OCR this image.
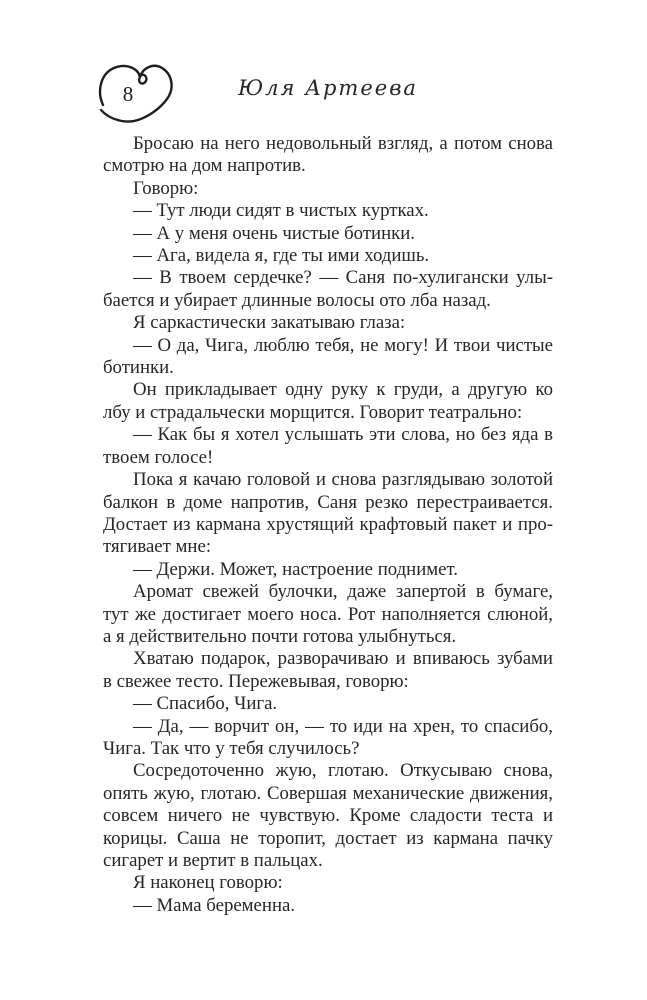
8	Юля Артеева

Бросаю на него недовольный взгляд, а потом снова смотрю на дом напротив.

Говорю:

— Тут люди сидят в чистых куртках.

— А у меня очень чистые ботинки.

— Ага, видела я, где ты ими ходишь.

— В твоем сердечке? — Саня по-хулигански улыбается и убирает длинные волосы ото лба назад.

Я саркастически закатываю глаза:

— О да, Чига, люблю тебя, не могу! И твои чистые ботинки.

Он прикладывает одну руку к груди, а другую ко лбу и страдальчески морщится. Говорит театрально:

— Как бы я хотел услышать эти слова, но без яда в твоем голосе!

Пока я качаю головой и снова разглядываю золотой балкон в доме напротив, Саня резко перестраивается. Достает из кармана хрустящий крафтовый пакет и протягивает мне:

— Держи. Может, настроение поднимет.

Аромат свежей булочки, даже запертой в бумаге, тут же достигает моего носа. Рот наполняется слюной, а я действительно почти готова улыбнуться.

Хватаю подарок, разворачиваю и впиваюсь зубами в свежее тесто. Пережевывая, говорю:

— Спасибо, Чига.

— Да, — ворчит он, — то иди на хрен, то спасибо, Чига. Так что у тебя случилось?

Сосредоточенно жую, глотаю. Откусываю снова, опять жую, глотаю. Совершая механические движения, совсем ничего не чувствую. Кроме сладости теста и корицы. Саша не торопит, достает из кармана пачку сигарет и вертит в пальцах.

Я наконец говорю:

— Мама беременна.
